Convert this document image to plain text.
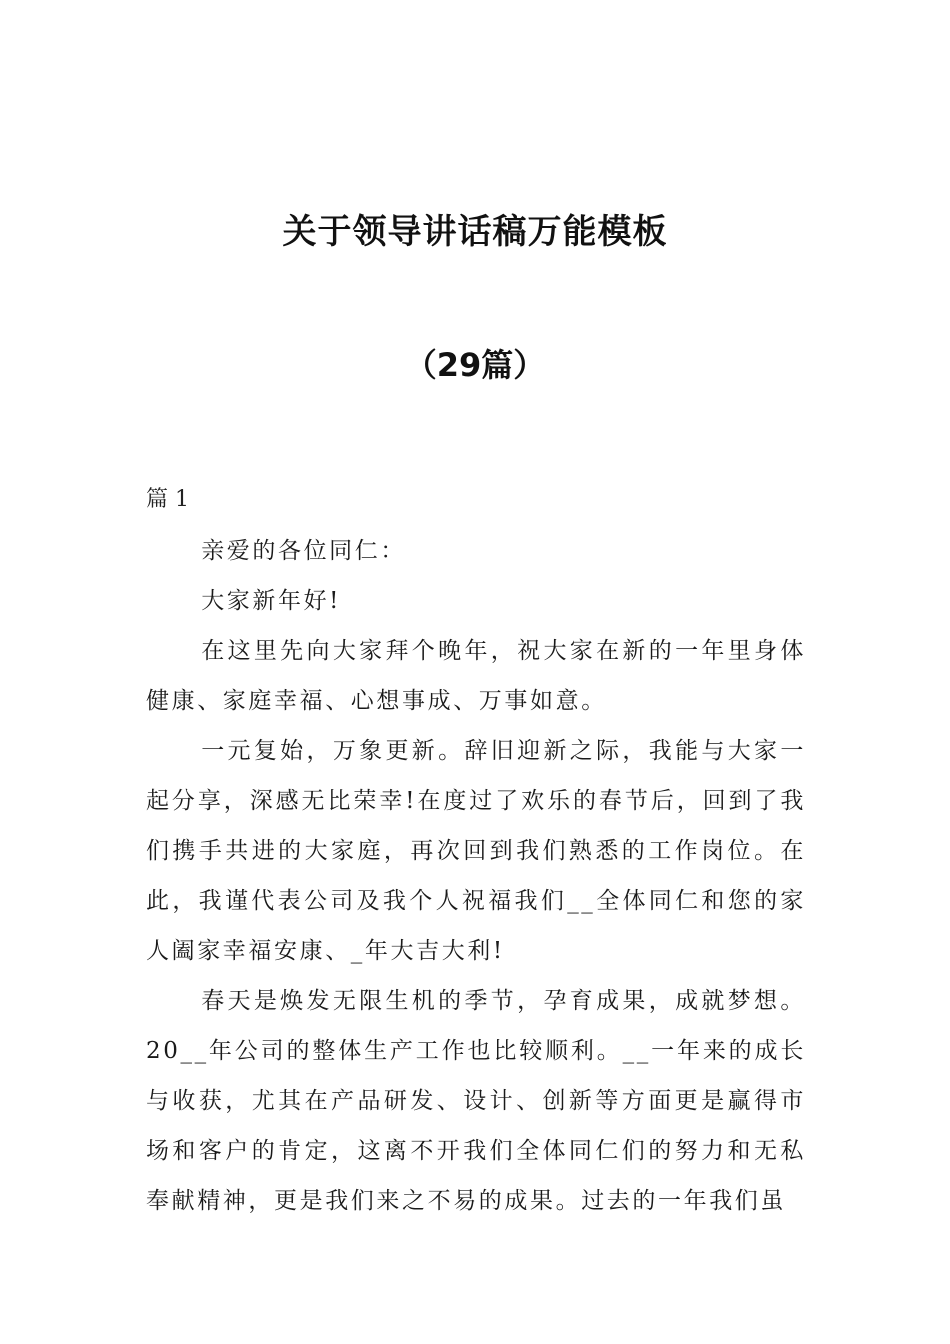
关于领导讲话稿万能模板
（29篇）
篇 1

亲爱的各位同仁：

大家新年好!

在这里先向大家拜个晚年，祝大家在新的一年里身体健康、家庭幸福、心想事成、万事如意。

一元复始，万象更新。辞旧迎新之际，我能与大家一起分享，深感无比荣幸!在度过了欢乐的春节后，回到了我们携手共进的大家庭，再次回到我们熟悉的工作岗位。在此，我谨代表公司及我个人祝福我们__全体同仁和您的家人阖家幸福安康、_年大吉大利!

春天是焕发无限生机的季节，孕育成果，成就梦想。20__年公司的整体生产工作也比较顺利。__一年来的成长与收获，尤其在产品研发、设计、创新等方面更是赢得市场和客户的肯定，这离不开我们全体同仁们的努力和无私奉献精神，更是我们来之不易的成果。过去的一年我们虽
